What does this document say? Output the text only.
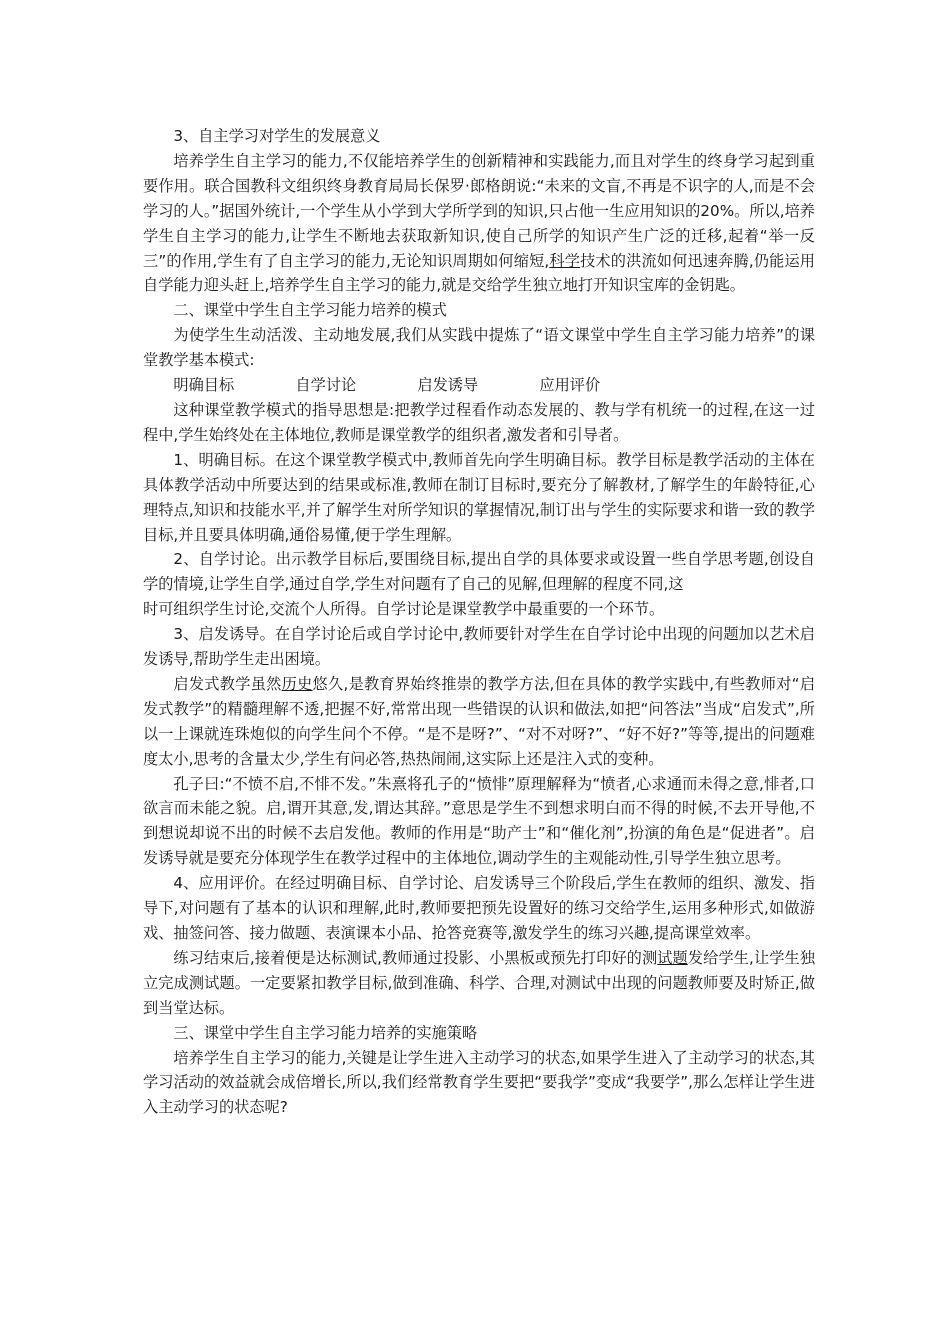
3、自主学习对学生的发展意义

培养学生自主学习的能力,不仅能培养学生的创新精神和实践能力,而且对学生的终身学习起到重要作用。联合国教科文组织终身教育局局长保罗·郎格朗说:“未来的文盲,不再是不识字的人,而是不会学习的人。”据国外统计,一个学生从小学到大学所学到的知识,只占他一生应用知识的20%。所以,培养学生自主学习的能力,让学生不断地去获取新知识,使自己所学的知识产生广泛的迁移,起着“举一反三”的作用,学生有了自主学习的能力,无论知识周期如何缩短,科学技术的洪流如何迅速奔腾,仍能运用自学能力迎头赶上,培养学生自主学习的能力,就是交给学生独立地打开知识宝库的金钥匙。

二、课堂中学生自主学习能力培养的模式

为使学生生动活泼、主动地发展,我们从实践中提炼了“语文课堂中学生自主学习能力培养”的课堂教学基本模式:

明确目标	自学讨论	启发诱导	应用评价

这种课堂教学模式的指导思想是:把教学过程看作动态发展的、教与学有机统一的过程,在这一过程中,学生始终处在主体地位,教师是课堂教学的组织者,激发者和引导者。

1、明确目标。在这个课堂教学模式中,教师首先向学生明确目标。教学目标是教学活动的主体在具体教学活动中所要达到的结果或标准,教师在制订目标时,要充分了解教材,了解学生的年龄特征,心理特点,知识和技能水平,并了解学生对所学知识的掌握情况,制订出与学生的实际要求和谐一致的教学目标,并且要具体明确,通俗易懂,便于学生理解。

2、自学讨论。出示教学目标后,要围绕目标,提出自学的具体要求或设置一些自学思考题,创设自学的情境,让学生自学,通过自学,学生对问题有了自己的见解,但理解的程度不同,这

时可组织学生讨论,交流个人所得。自学讨论是课堂教学中最重要的一个环节。

3、启发诱导。在自学讨论后或自学讨论中,教师要针对学生在自学讨论中出现的问题加以艺术启发诱导,帮助学生走出困境。

启发式教学虽然历史悠久,是教育界始终推崇的教学方法,但在具体的教学实践中,有些教师对“启发式教学”的精髓理解不透,把握不好,常常出现一些错误的认识和做法,如把“问答法”当成“启发式”,所以一上课就连珠炮似的向学生问个不停。“是不是呀?”、“对不对呀?”、“好不好?”等等,提出的问题难度太小,思考的含量太少,学生有问必答,热热闹闹,这实际上还是注入式的变种。

孔子曰:“不愤不启,不悱不发。”朱熹将孔子的“愤悱”原理解释为“愤者,心求通而未得之意,悱者,口欲言而未能之貌。启,谓开其意,发,谓达其辞。”意思是学生不到想求明白而不得的时候,不去开导他,不到想说却说不出的时候不去启发他。教师的作用是“助产士”和“催化剂”,扮演的角色是“促进者”。启发诱导就是要充分体现学生在教学过程中的主体地位,调动学生的主观能动性,引导学生独立思考。

4、应用评价。在经过明确目标、自学讨论、启发诱导三个阶段后,学生在教师的组织、激发、指导下,对问题有了基本的认识和理解,此时,教师要把预先设置好的练习交给学生,运用多种形式,如做游戏、抽签问答、接力做题、表演课本小品、抢答竞赛等,激发学生的练习兴趣,提高课堂效率。

练习结束后,接着便是达标测试,教师通过投影、小黑板或预先打印好的测试题发给学生,让学生独立完成测试题。一定要紧扣教学目标,做到准确、科学、合理,对测试中出现的问题教师要及时矫正,做到当堂达标。

三、课堂中学生自主学习能力培养的实施策略

培养学生自主学习的能力,关键是让学生进入主动学习的状态,如果学生进入了主动学习的状态,其学习活动的效益就会成倍增长,所以,我们经常教育学生要把“要我学”变成“我要学”,那么怎样让学生进入主动学习的状态呢?
